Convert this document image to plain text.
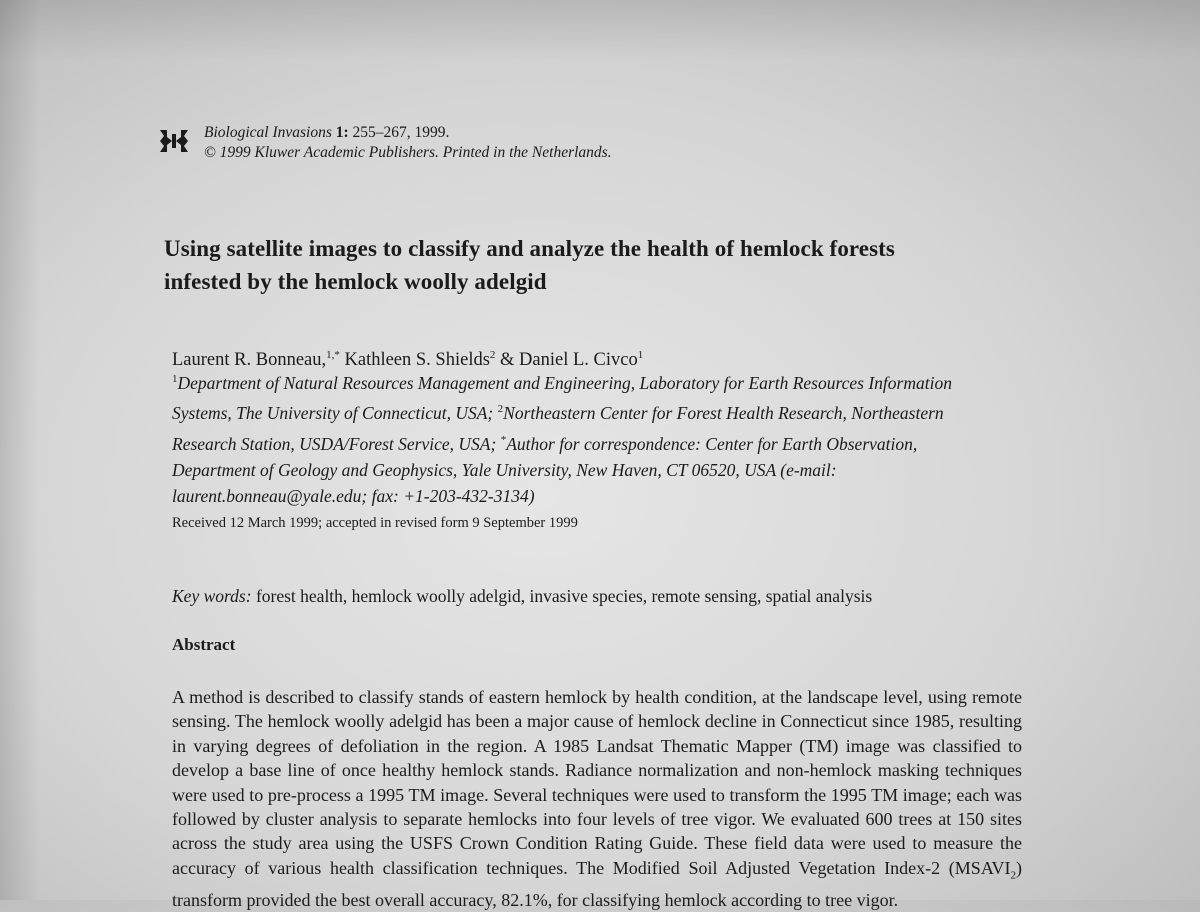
Biological Invasions 1: 255–267, 1999.
© 1999 Kluwer Academic Publishers. Printed in the Netherlands.
Using satellite images to classify and analyze the health of hemlock forests infested by the hemlock woolly adelgid
Laurent R. Bonneau,$^{1,*}$ Kathleen S. Shields$^2$ & Daniel L. Civco$^1$
$^1$Department of Natural Resources Management and Engineering, Laboratory for Earth Resources Information Systems, The University of Connecticut, USA; $^2$Northeastern Center for Forest Health Research, Northeastern Research Station, USDA/Forest Service, USA; *Author for correspondence: Center for Earth Observation, Department of Geology and Geophysics, Yale University, New Haven, CT 06520, USA (e-mail: laurent.bonneau@yale.edu; fax: +1-203-432-3134)
Received 12 March 1999; accepted in revised form 9 September 1999
Key words: forest health, hemlock woolly adelgid, invasive species, remote sensing, spatial analysis
Abstract
A method is described to classify stands of eastern hemlock by health condition, at the landscape level, using remote sensing. The hemlock woolly adelgid has been a major cause of hemlock decline in Connecticut since 1985, resulting in varying degrees of defoliation in the region. A 1985 Landsat Thematic Mapper (TM) image was classified to develop a base line of once healthy hemlock stands. Radiance normalization and non-hemlock masking techniques were used to pre-process a 1995 TM image. Several techniques were used to transform the 1995 TM image; each was followed by cluster analysis to separate hemlocks into four levels of tree vigor. We evaluated 600 trees at 150 sites across the study area using the USFS Crown Condition Rating Guide. These field data were used to measure the accuracy of various health classification techniques. The Modified Soil Adjusted Vegetation Index-2 $(MSAVI_2)$ transform provided the best overall accuracy, 82.1%, for classifying hemlock according to tree vigor.
